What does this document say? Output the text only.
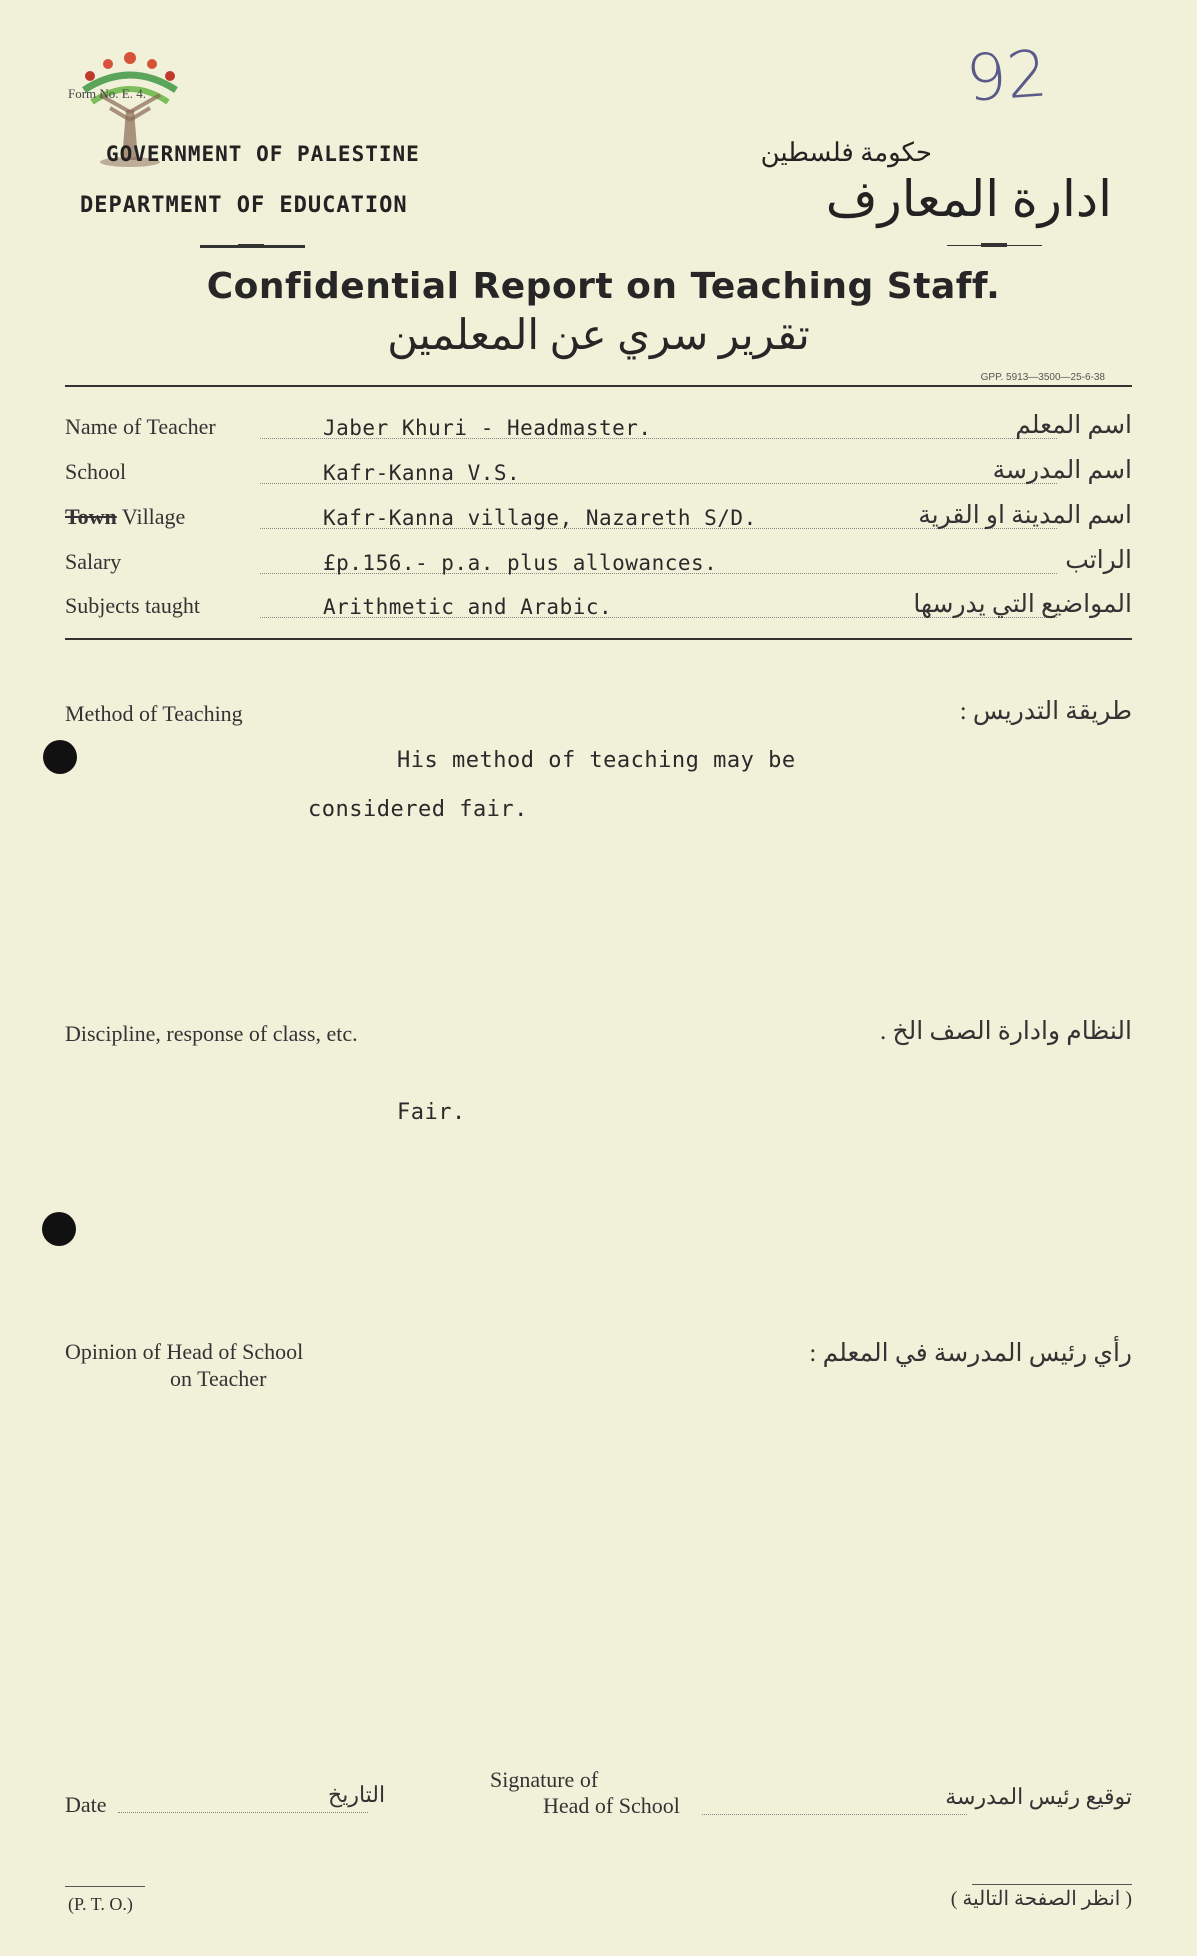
Form No. E. 4.	92
GOVERNMENT OF PALESTINE
DEPARTMENT OF EDUCATION
حكومة فلسطين
ادارة المعارف
Confidential Report on Teaching Staff.
تقرير سري عن المعلمين
GPP. 5913—3500—25-6-38
Name of Teacher	Jaber Khuri - Headmaster.	اسم المعلم
School	Kafr-Kanna V.S.	اسم المدرسة
Town Village	Kafr-Kanna village, Nazareth S/D.	اسم المدينة او القرية
Salary	£p.156.- p.a. plus allowances.	الراتب
Subjects taught	Arithmetic and Arabic.	المواضيع التي يدرسها
Method of Teaching	طريقة التدريس :
His method of teaching may be
considered fair.
Discipline, response of class, etc.	النظام وادارة الصف الخ .
Fair.
Opinion of Head of School
on Teacher
رأي رئيس المدرسة في المعلم :
Date	التاريخ
Signature of
Head of School	توقيع رئيس المدرسة
(P. T. O.)	( انظر الصفحة التالية )
